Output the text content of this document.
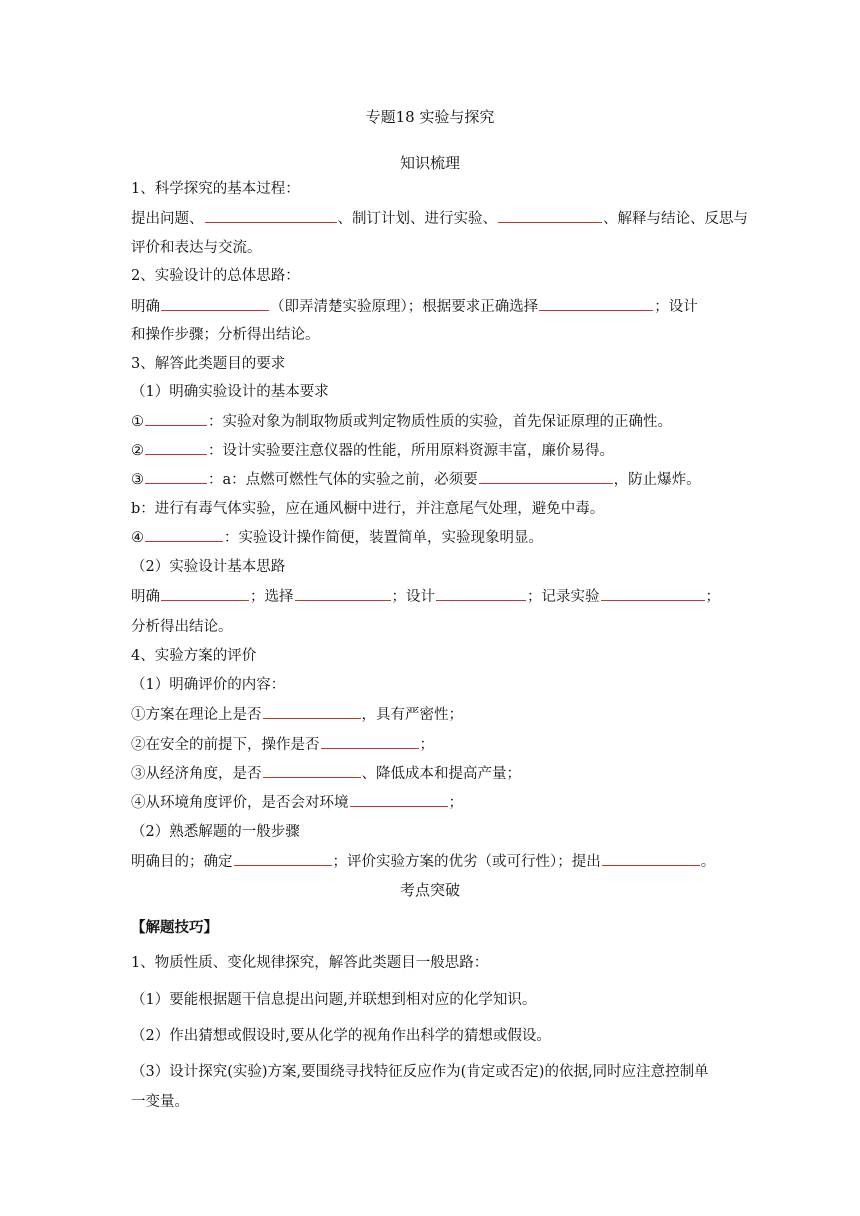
专题18 实验与探究
知识梳理
1、科学探究的基本过程：
提出问题、	、制订计划、进行实验、	、解释与结论、反思与
评价和表达与交流。
2、实验设计的总体思路：
明确	（即弄清楚实验原理）；根据要求正确选择	；设计
和操作步骤；分析得出结论。
3、解答此类题目的要求
（1）明确实验设计的基本要求
①	：实验对象为制取物质或判定物质性质的实验，首先保证原理的正确性。
②	：设计实验要注意仪器的性能，所用原料资源丰富，廉价易得。
③	：a：点燃可燃性气体的实验之前，必须要	，防止爆炸。
b：进行有毒气体实验，应在通风橱中进行，并注意尾气处理，避免中毒。
④	：实验设计操作简便，装置简单，实验现象明显。
（2）实验设计基本思路
明确	；选择	；设计	；记录实验	；
分析得出结论。
4、实验方案的评价
（1）明确评价的内容：
①方案在理论上是否	，具有严密性；
②在安全的前提下，操作是否	；
③从经济角度，是否	、降低成本和提高产量；
④从环境角度评价，是否会对环境	；
（2）熟悉解题的一般步骤
明确目的；确定	；评价实验方案的优劣（或可行性）；提出	。
考点突破
【解题技巧】
1、物质性质、变化规律探究，解答此类题目一般思路：
（1）要能根据题干信息提出问题,并联想到相对应的化学知识。
（2）作出猜想或假设时,要从化学的视角作出科学的猜想或假设。
（3）设计探究(实验)方案,要围绕寻找特征反应作为(肯定或否定)的依据,同时应注意控制单
一变量。
